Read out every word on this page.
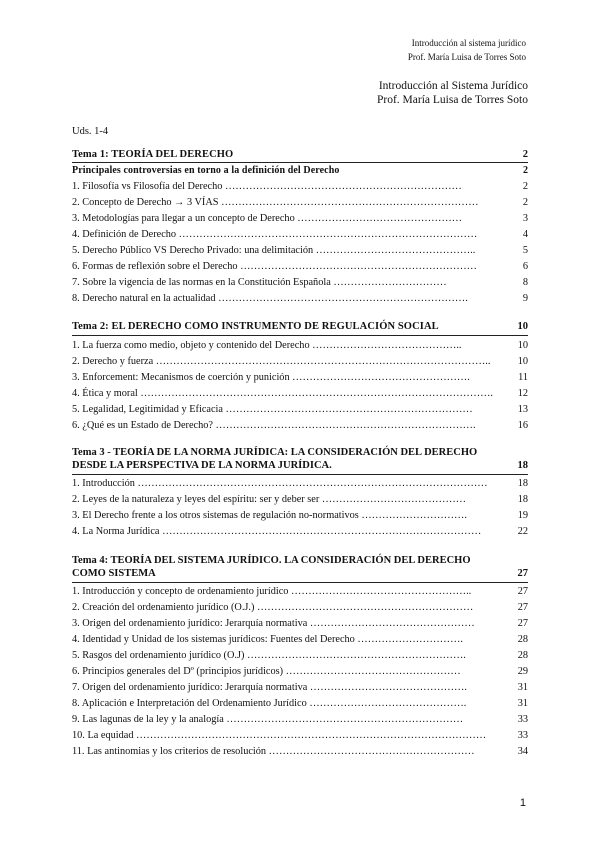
Introducción al sistema jurídico
Prof. María Luisa de Torres Soto
Introducción al Sistema Jurídico
Prof. María Luisa de Torres Soto
Uds. 1-4
Tema 1: TEORÍA DEL DERECHO	2
Principales controversias en torno a la definición del Derecho	2
1. Filosofía vs Filosofía del Derecho ……………………………………………………………	2
2. Concepto de Derecho → 3 VÍAS …………………………………………………………………	2
3. Metodologías para llegar a un concepto de Derecho …………………………………………	3
4. Definición de Derecho ……………………………………………………………………………	4
5. Derecho Público VS Derecho Privado: una delimitación ………………………………………..	5
6. Formas de reflexión sobre el Derecho ……………………………………………………………	6
7. Sobre la vigencia de las normas en la Constitución Española ……………………………	8
8. Derecho natural en la actualidad ……………………………………………………………….	9
Tema 2: EL DERECHO COMO INSTRUMENTO DE REGULACIÓN SOCIAL	10
1. La fuerza como medio, objeto y contenido del Derecho ……………………………………..	10
2. Derecho y fuerza ……………………………………………………………………………………..	10
3. Enforcement: Mecanismos de coerción y punición …………………………………………….	11
4. Ética y moral …………………………………………………………………………………………. 12
5. Legalidad, Legitimidad y Eficacia ………………………………………………………………	13
6. ¿Qué es un Estado de Derecho? ………………………………………………………………….	16
Tema 3 - TEORÍA DE LA NORMA JURÍDICA: LA CONSIDERACIÓN DEL DERECHO
DESDE LA PERSPECTIVA DE LA NORMA JURÍDICA.	18
1. Introducción …………………………………………………………………………………………	18
2. Leyes de la naturaleza y leyes del espíritu: ser y deber ser ……………………………………	18
3. El Derecho frente a los otros sistemas de regulación no-normativos ………………………….	19
4. La Norma Jurídica …………………………………………………………………………………	22
Tema 4: TEORÍA DEL SISTEMA JURÍDICO. LA CONSIDERACIÓN DEL DERECHO
COMO SISTEMA	27
1. Introducción y concepto de ordenamiento jurídico ……………………………………………..	27
2. Creación del ordenamiento jurídico (O.J.) ………………………………………………………	27
3. Origen del ordenamiento jurídico: Jerarquía normativa …………………………………………	27
4. Identidad y Unidad de los sistemas jurídicos: Fuentes del Derecho ………………………….	28
5. Rasgos del ordenamiento jurídico (O.J) ……………………………………………………….	28
6. Principios generales del Dº (principios jurídicos) ……………………………………………	29
7. Origen del ordenamiento jurídico: Jerarquía normativa ……………………………………….	31
8. Aplicación e Interpretación del Ordenamiento Jurídico ……………………………………….	31
9. Las lagunas de la ley y la analogía ……………………………………………………………	33
10. La equidad …………………………………………………………………………………………	33
11. Las antinomias y los criterios de resolución ……………………………………………………	34
1
